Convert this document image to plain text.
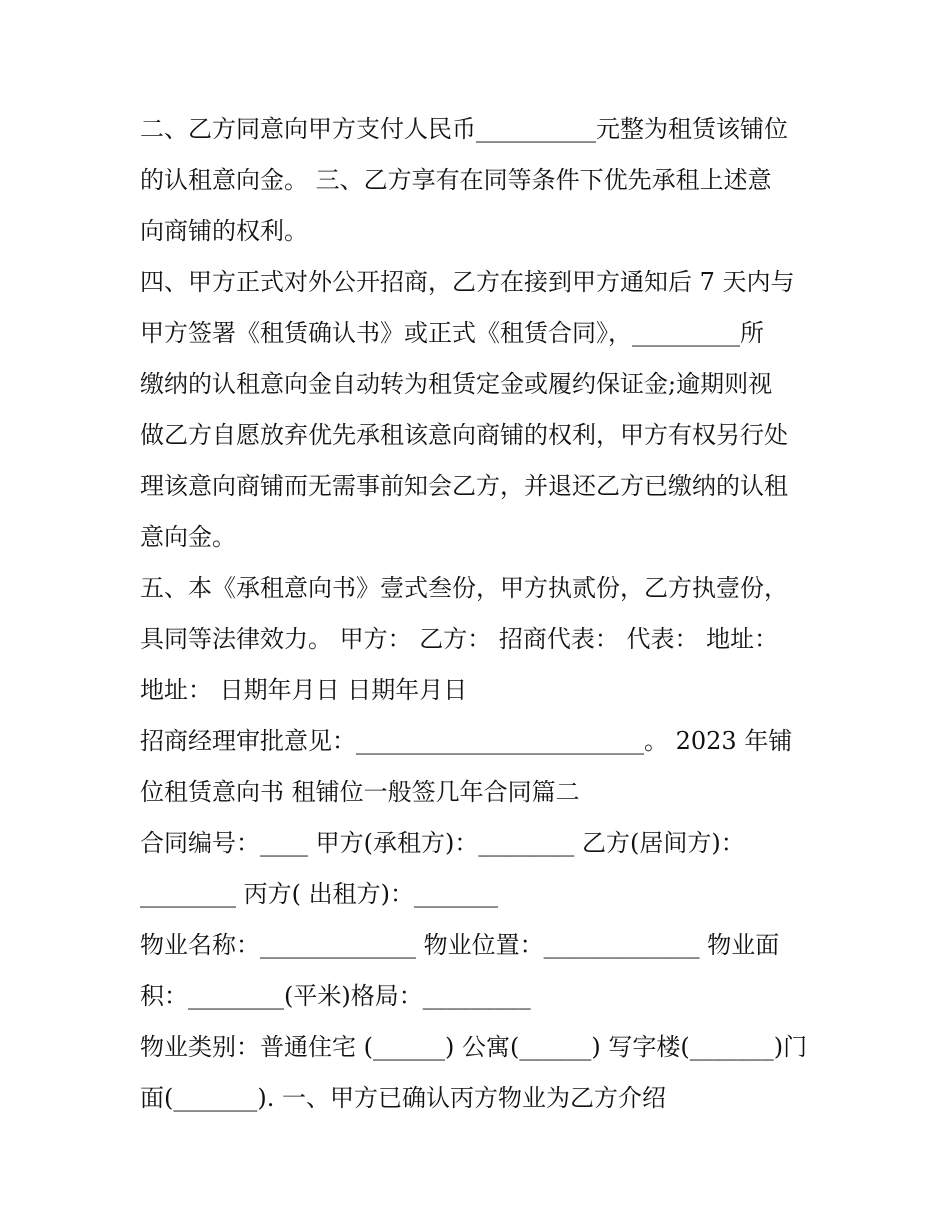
二、乙方同意向甲方支付人民币__________元整为租赁该铺位
的认租意向金。 三、乙方享有在同等条件下优先承租上述意
向商铺的权利。
四、甲方正式对外公开招商，乙方在接到甲方通知后 7 天内与
甲方签署《租赁确认书》或正式《租赁合同》，_________所
缴纳的认租意向金自动转为租赁定金或履约保证金;逾期则视
做乙方自愿放弃优先承租该意向商铺的权利，甲方有权另行处
理该意向商铺而无需事前知会乙方，并退还乙方已缴纳的认租
意向金。
五、本《承租意向书》壹式叁份，甲方执贰份，乙方执壹份，
具同等法律效力。 甲方： 乙方： 招商代表： 代表： 地址：
地址： 日期年月日 日期年月日
招商经理审批意见：________________________。 2023 年铺
位租赁意向书 租铺位一般签几年合同篇二
合同编号：____ 甲方(承租方)：________ 乙方(居间方)：
________ 丙方( 出租方)：_______
物业名称：_____________ 物业位置：_____________ 物业面
积：________(平米)格局：_________
物业类别：普通住宅 (______) 公寓(______) 写字楼(_______)门
面(_______). 一、甲方已确认丙方物业为乙方介绍
